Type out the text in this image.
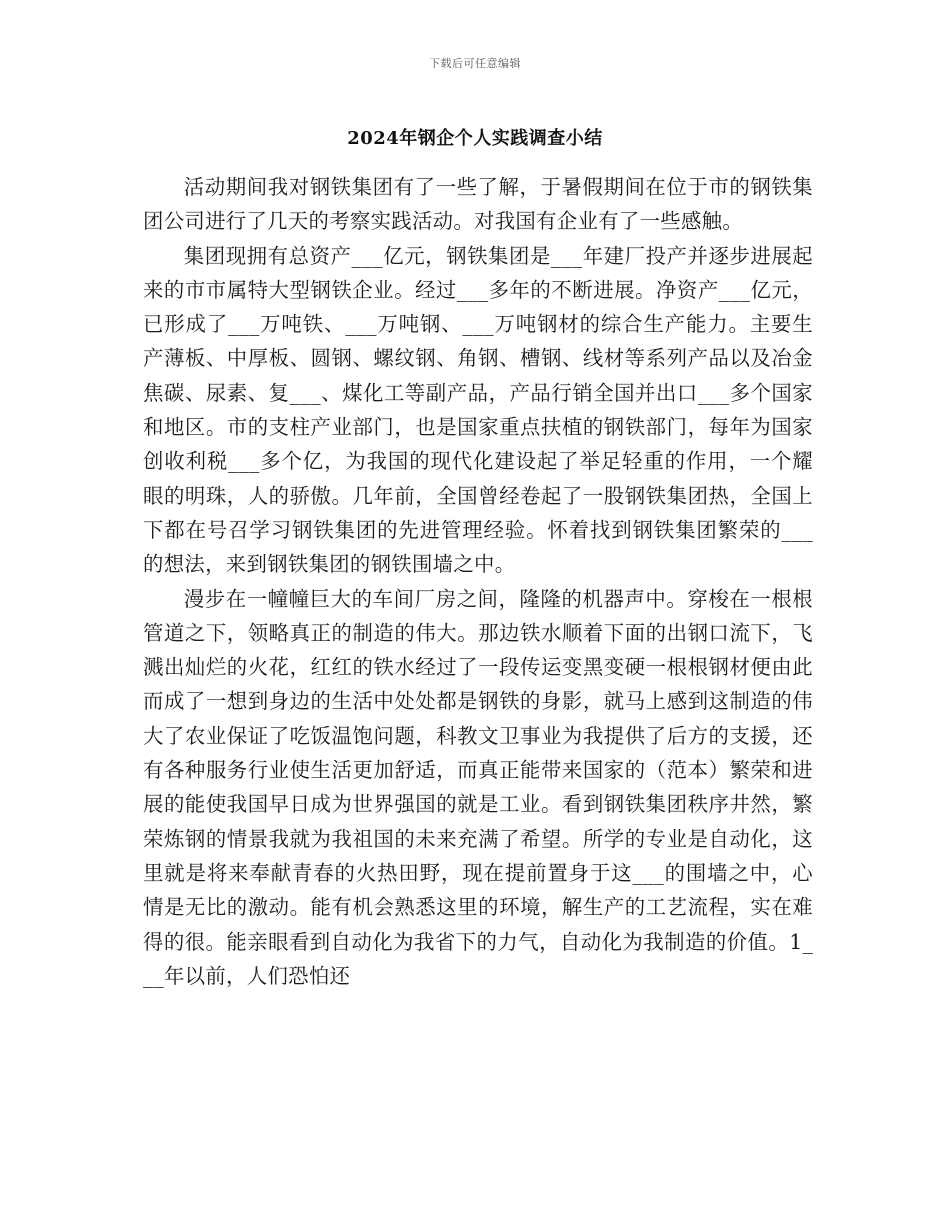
下载后可任意编辑
2024年钢企个人实践调查小结

活动期间我对钢铁集团有了一些了解，于暑假期间在位于市的钢铁集团公司进行了几天的考察实践活动。对我国有企业有了一些感触。

集团现拥有总资产___亿元，钢铁集团是___年建厂投产并逐步进展起来的市市属特大型钢铁企业。经过___多年的不断进展。净资产___亿元，已形成了___万吨铁、___万吨钢、___万吨钢材的综合生产能力。主要生产薄板、中厚板、圆钢、螺纹钢、角钢、槽钢、线材等系列产品以及冶金焦碳、尿素、复___、煤化工等副产品，产品行销全国并出口___多个国家和地区。市的支柱产业部门，也是国家重点扶植的钢铁部门，每年为国家创收利税___多个亿，为我国的现代化建设起了举足轻重的作用，一个耀眼的明珠，人的骄傲。几年前，全国曾经卷起了一股钢铁集团热，全国上下都在号召学习钢铁集团的先进管理经验。怀着找到钢铁集团繁荣的___的想法，来到钢铁集团的钢铁围墙之中。

漫步在一幢幢巨大的车间厂房之间，隆隆的机器声中。穿梭在一根根管道之下，领略真正的制造的伟大。那边铁水顺着下面的出钢口流下，飞溅出灿烂的火花，红红的铁水经过了一段传运变黑变硬一根根钢材便由此而成了一想到身边的生活中处处都是钢铁的身影，就马上感到这制造的伟大了农业保证了吃饭温饱问题，科教文卫事业为我提供了后方的支援，还有各种服务行业使生活更加舒适，而真正能带来国家的（范本）繁荣和进展的能使我国早日成为世界强国的就是工业。看到钢铁集团秩序井然，繁荣炼钢的情景我就为我祖国的未来充满了希望。所学的专业是自动化，这里就是将来奉献青春的火热田野，现在提前置身于这___的围墙之中，心情是无比的激动。能有机会熟悉这里的环境，解生产的工艺流程，实在难得的很。能亲眼看到自动化为我省下的力气，自动化为我制造的价值。1___年以前，人们恐怕还
